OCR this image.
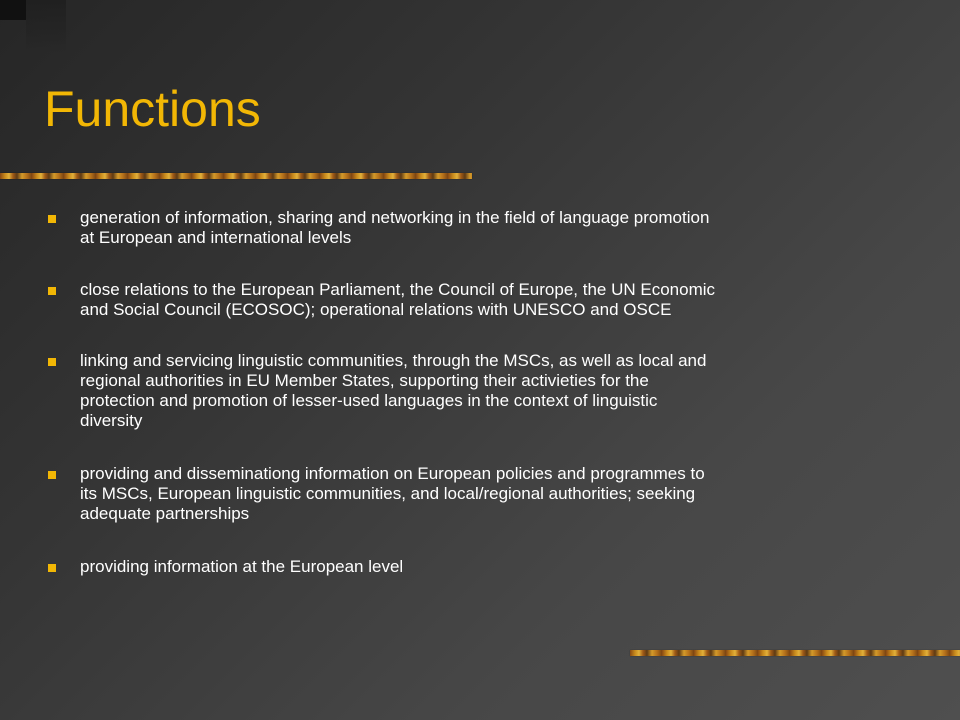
Functions
generation of information, sharing and networking in the field of language promotion
at European and international levels
close relations to the European Parliament, the Council of Europe, the UN Economic
and Social Council (ECOSOC); operational relations with UNESCO and OSCE
linking and servicing linguistic communities, through the MSCs, as well as local and
regional authorities in EU Member States, supporting their activieties for the
protection and promotion of lesser-used languages in the context of linguistic
diversity
providing and disseminationg information on European policies and programmes to
its MSCs, European linguistic communities, and local/regional authorities; seeking
adequate partnerships
providing information at the European level
